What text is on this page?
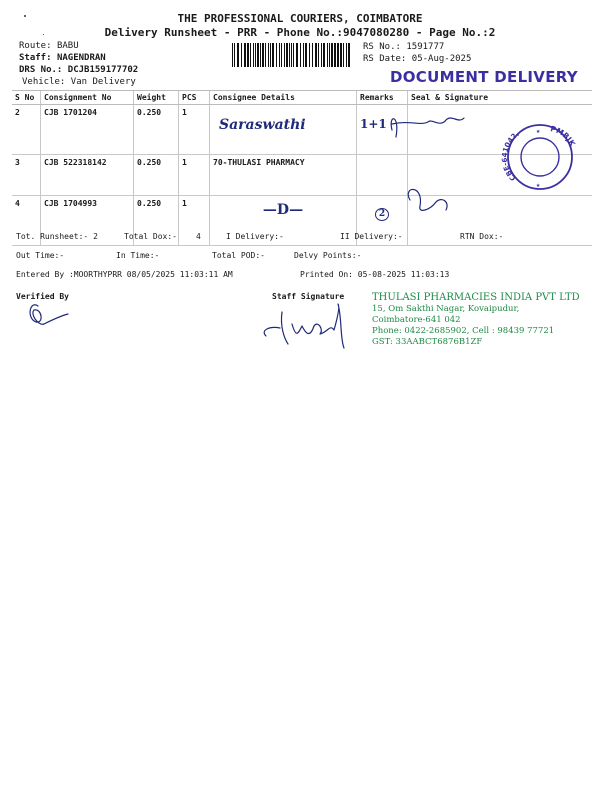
THE PROFESSIONAL COURIERS, COIMBATORE
Delivery Runsheet - PRR - Phone No.:9047080280 - Page No.:2
Route: BABU
Staff: NAGENDRAN
DRS No.: DCJB159177702
Vehicle: Van Delivery
RS No.: 1591777
RS Date: 05-Aug-2025
DOCUMENT DELIVERY
S No	Consignment No	Weight	PCS	Consignee Details	Remarks	Seal & Signature
2	CJB 1701204	0.250	1	Saraswathi	1+1	
3	CJB 522318142	0.250	1	70-THULASI PHARMACY		
4	CJB 1704993	0.250	1	—D—	2	
CBE-641042.	PMBJK
★
★
Tot. Runsheet:- 2	Total Dox:- 4	I Delivery:-	II Delivery:-	RTN Dox:-
Out Time:-	In Time:-	Total POD:-	Delvy Points:-
Entered By :MOORTHYPRR 08/05/2025 11:03:11 AM	Printed On: 05-08-2025 11:03:13
Verified By	Staff Signature	THULASI PHARMACIES INDIA PVT LTD
15, Om Sakthi Nagar, Kovaipudur,
Coimbatore-641 042
Phone: 0422-2685902, Cell : 98439 77721
GST: 33AABCT6876B1ZF
